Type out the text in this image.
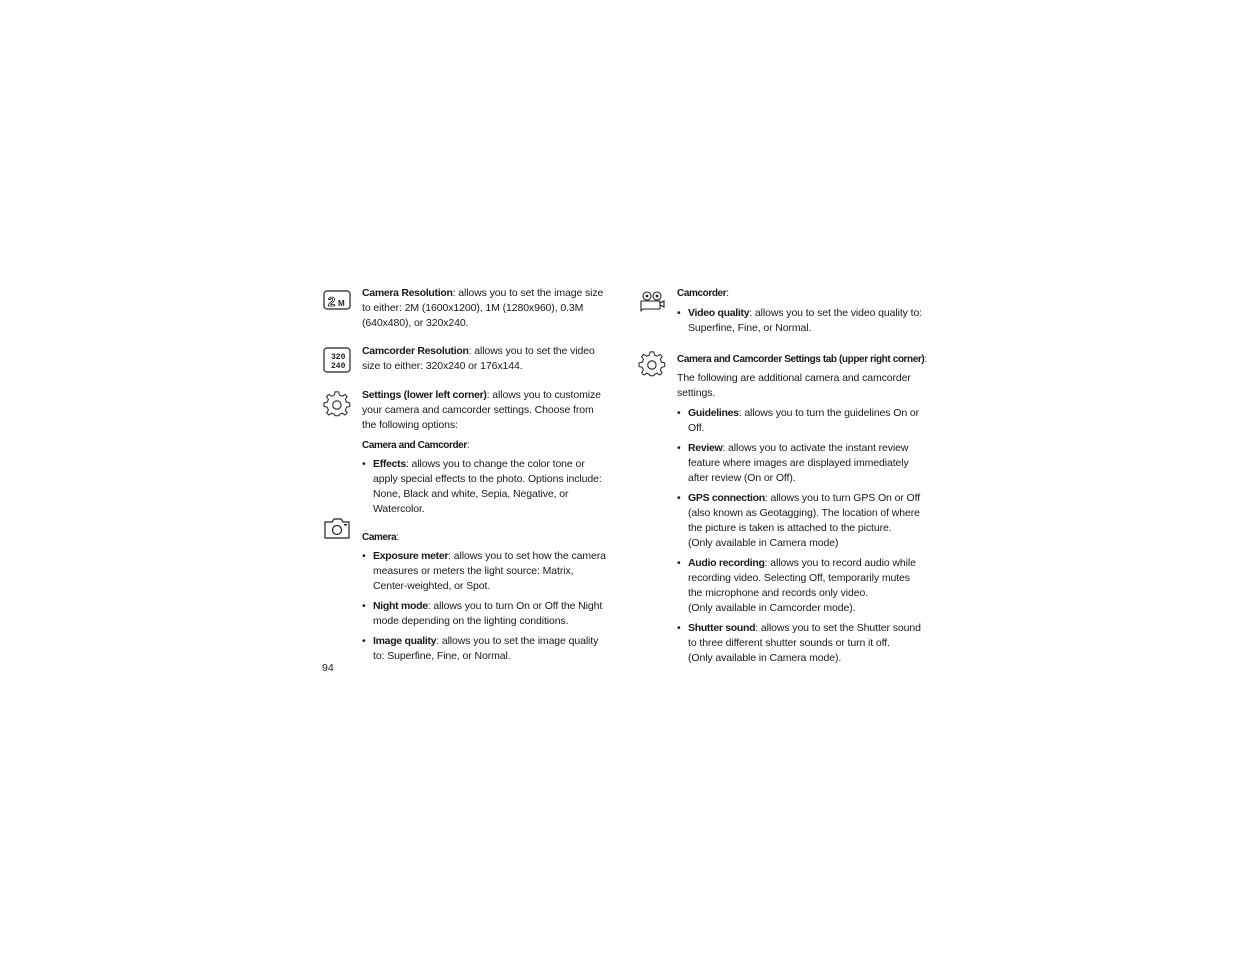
2 M
320
240

Camera Resolution: allows you to set the image size to either: 2M (1600x1200), 1M (1280x960), 0.3M (640x480), or 320x240.

Camcorder Resolution: allows you to set the video size to either: 320x240 or 176x144.

Settings (lower left corner): allows you to customize your camera and camcorder settings. Choose from the following options:

Camera and Camcorder:

• Effects: allows you to change the color tone or apply special effects to the photo. Options include: None, Black and white, Sepia, Negative, or Watercolor.

Camera:

• Exposure meter: allows you to set how the camera measures or meters the light source: Matrix, Center-weighted, or Spot.
• Night mode: allows you to turn On or Off the Night mode depending on the lighting conditions.
• Image quality: allows you to set the image quality to: Superfine, Fine, or Normal.

Camcorder:

• Video quality: allows you to set the video quality to: Superfine, Fine, or Normal.

Camera and Camcorder Settings tab (upper right corner):

The following are additional camera and camcorder settings.

• Guidelines: allows you to turn the guidelines On or Off.
• Review: allows you to activate the instant review feature where images are displayed immediately after review (On or Off).
• GPS connection: allows you to turn GPS On or Off (also known as Geotagging). The location of where the picture is taken is attached to the picture.
(Only available in Camera mode)
• Audio recording: allows you to record audio while recording video. Selecting Off, temporarily mutes the microphone and records only video.
(Only available in Camcorder mode).
• Shutter sound: allows you to set the Shutter sound to three different shutter sounds or turn it off.
(Only available in Camera mode).
94
